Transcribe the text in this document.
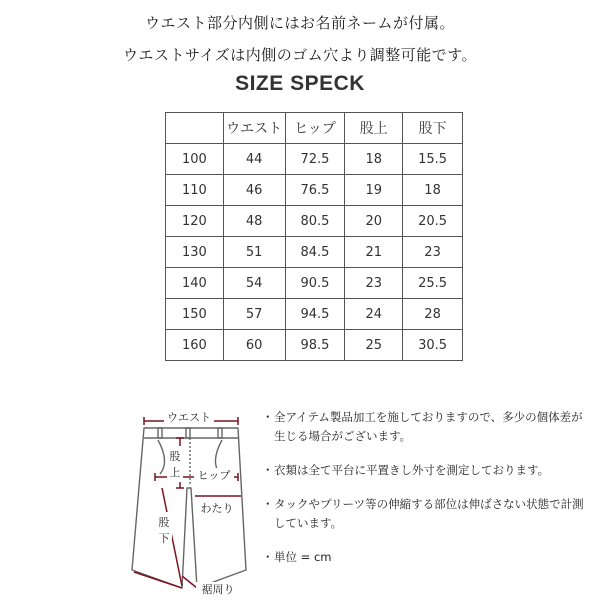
ウエスト部分内側にはお名前ネームが付属。
ウエストサイズは内側のゴム穴より調整可能です。
SIZE SPECK
	ウエスト	ヒップ	股上	股下
100	44	72.5	18	15.5
110	46	76.5	19	18
120	48	80.5	20	20.5
130	51	84.5	21	23
140	54	90.5	23	25.5
150	57	94.5	24	28
160	60	98.5	25	30.5
ウエスト
股
上 ヒップ
わたり
股
下
裾周り
・ 全アイテム製品加工を施しておりますので、多少の個体差が生じる場合がございます。
・ 衣類は全て平台に平置きし外寸を測定しております。
・ タックやプリーツ等の伸縮する部位は伸ばさない状態で計測しています。
・ 単位 = cm
